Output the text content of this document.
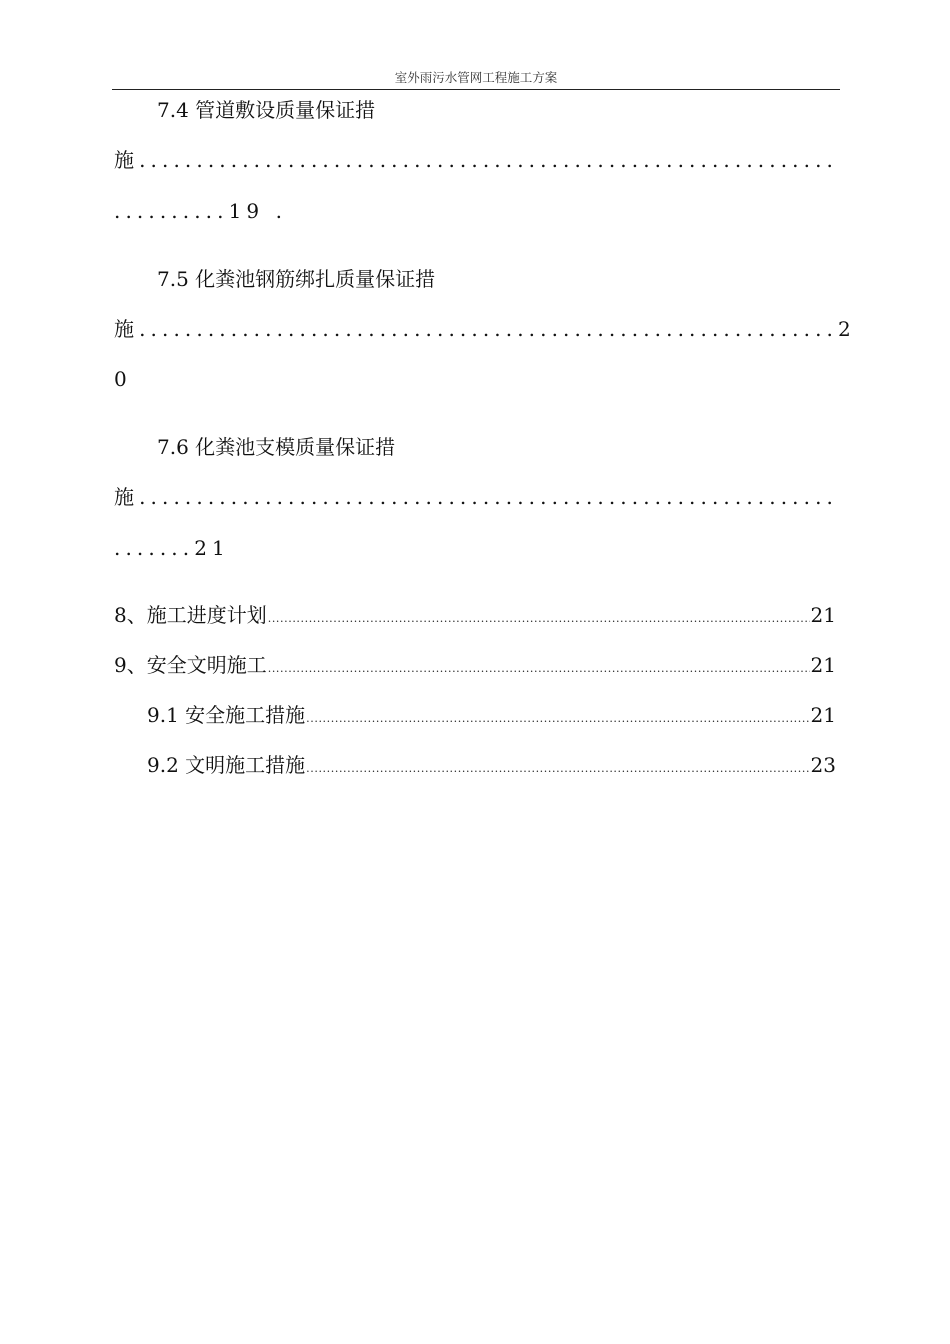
室外雨污水管网工程施工方案
7.4 管道敷设质量保证措
施.............................................................
..........19 .
7.5 化粪池钢筋绑扎质量保证措
施.............................................................2
0
7.6 化粪池支模质量保证措
施.............................................................
.......21
8、施工进度计划 .....	21
9、安全文明施工 .....	21
9.1 安全施工措施 .....	21
9.2 文明施工措施 .....	23
